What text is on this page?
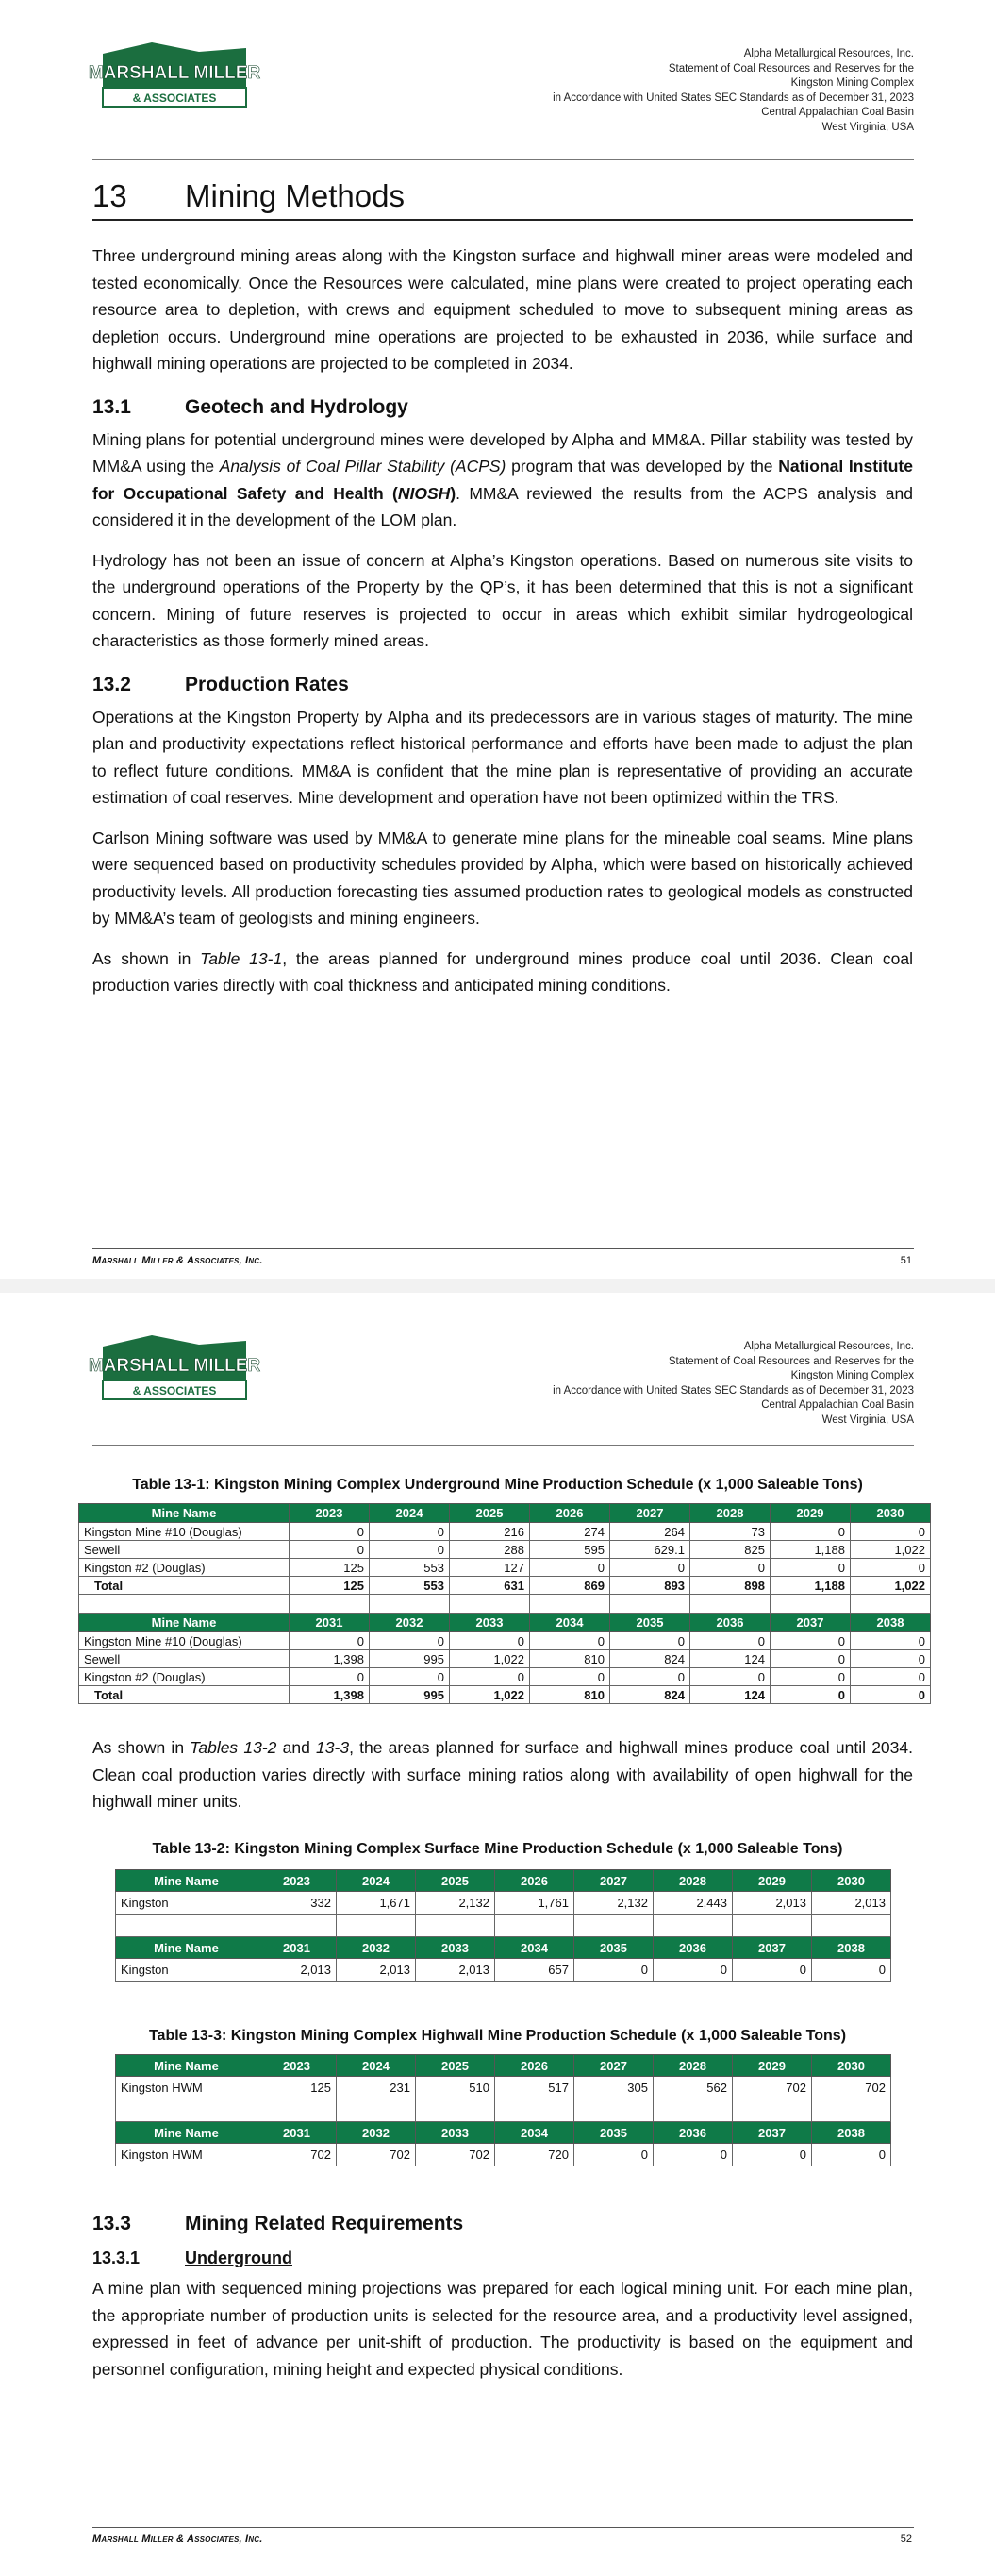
MARSHALL MILLER
& ASSOCIATES
Alpha Metallurgical Resources, Inc.
Statement of Coal Resources and Reserves for the
Kingston Mining Complex
in Accordance with United States SEC Standards as of December 31, 2023
Central Appalachian Coal Basin
West Virginia, USA
13 Mining Methods

Three underground mining areas along with the Kingston surface and highwall miner areas were modeled and tested economically. Once the Resources were calculated, mine plans were created to project operating each resource area to depletion, with crews and equipment scheduled to move to subsequent mining areas as depletion occurs. Underground mine operations are projected to be exhausted in 2036, while surface and highwall mining operations are projected to be completed in 2034.

13.1	Geotech and Hydrology

Mining plans for potential underground mines were developed by Alpha and MM&A. Pillar stability was tested by MM&A using the Analysis of Coal Pillar Stability (ACPS) program that was developed by the National Institute for Occupational Safety and Health (NIOSH). MM&A reviewed the results from the ACPS analysis and considered it in the development of the LOM plan.

Hydrology has not been an issue of concern at Alpha’s Kingston operations. Based on numerous site visits to the underground operations of the Property by the QP’s, it has been determined that this is not a significant concern. Mining of future reserves is projected to occur in areas which exhibit similar hydrogeological characteristics as those formerly mined areas.

13.2	Production Rates

Operations at the Kingston Property by Alpha and its predecessors are in various stages of maturity. The mine plan and productivity expectations reflect historical performance and efforts have been made to adjust the plan to reflect future conditions. MM&A is confident that the mine plan is representative of providing an accurate estimation of coal reserves. Mine development and operation have not been optimized within the TRS.

Carlson Mining software was used by MM&A to generate mine plans for the mineable coal seams. Mine plans were sequenced based on productivity schedules provided by Alpha, which were based on historically achieved productivity levels. All production forecasting ties assumed production rates to geological models as constructed by MM&A’s team of geologists and mining engineers.

As shown in Table 13-1, the areas planned for underground mines produce coal until 2036. Clean coal production varies directly with coal thickness and anticipated mining conditions.

Marshall Miller & Associates, Inc.	51
MARSHALL MILLER
& ASSOCIATES
Alpha Metallurgical Resources, Inc.
Statement of Coal Resources and Reserves for the
Kingston Mining Complex
in Accordance with United States SEC Standards as of December 31, 2023
Central Appalachian Coal Basin
West Virginia, USA
Table 13-1: Kingston Mining Complex Underground Mine Production Schedule (x 1,000 Saleable Tons)
Mine Name	2023	2024	2025	2026	2027	2028	2029	2030
Kingston Mine #10 (Douglas)	0	0	216	274	264	73	0	0
Sewell	0	0	288	595	629.1	825	1,188	1,022
Kingston #2 (Douglas)	125	553	127	0	0	0	0	0
Total	125	553	631	869	893	898	1,188	1,022

Mine Name	2031	2032	2033	2034	2035	2036	2037	2038
Kingston Mine #10 (Douglas)	0	0	0	0	0	0	0	0
Sewell	1,398	995	1,022	810	824	124	0	0
Kingston #2 (Douglas)	0	0	0	0	0	0	0	0
Total	1,398	995	1,022	810	824	124	0	0

As shown in Tables 13-2 and 13-3, the areas planned for surface and highwall mines produce coal until 2034. Clean coal production varies directly with surface mining ratios along with availability of open highwall for the highwall miner units.

Table 13-2: Kingston Mining Complex Surface Mine Production Schedule (x 1,000 Saleable Tons)
Mine Name	2023	2024	2025	2026	2027	2028	2029	2030
Kingston	332	1,671	2,132	1,761	2,132	2,443	2,013	2,013

Mine Name	2031	2032	2033	2034	2035	2036	2037	2038
Kingston	2,013	2,013	2,013	657	0	0	0	0
Table 13-3: Kingston Mining Complex Highwall Mine Production Schedule (x 1,000 Saleable Tons)
Mine Name	2023	2024	2025	2026	2027	2028	2029	2030
Kingston HWM	125	231	510	517	305	562	702	702

Mine Name	2031	2032	2033	2034	2035	2036	2037	2038
Kingston HWM	702	702	702	720	0	0	0	0
13.3	Mining Related Requirements
13.3.1	Underground

A mine plan with sequenced mining projections was prepared for each logical mining unit. For each mine plan, the appropriate number of production units is selected for the resource area, and a productivity level assigned, expressed in feet of advance per unit-shift of production. The productivity is based on the equipment and personnel configuration, mining height and expected physical conditions.

Marshall Miller & Associates, Inc.	52
